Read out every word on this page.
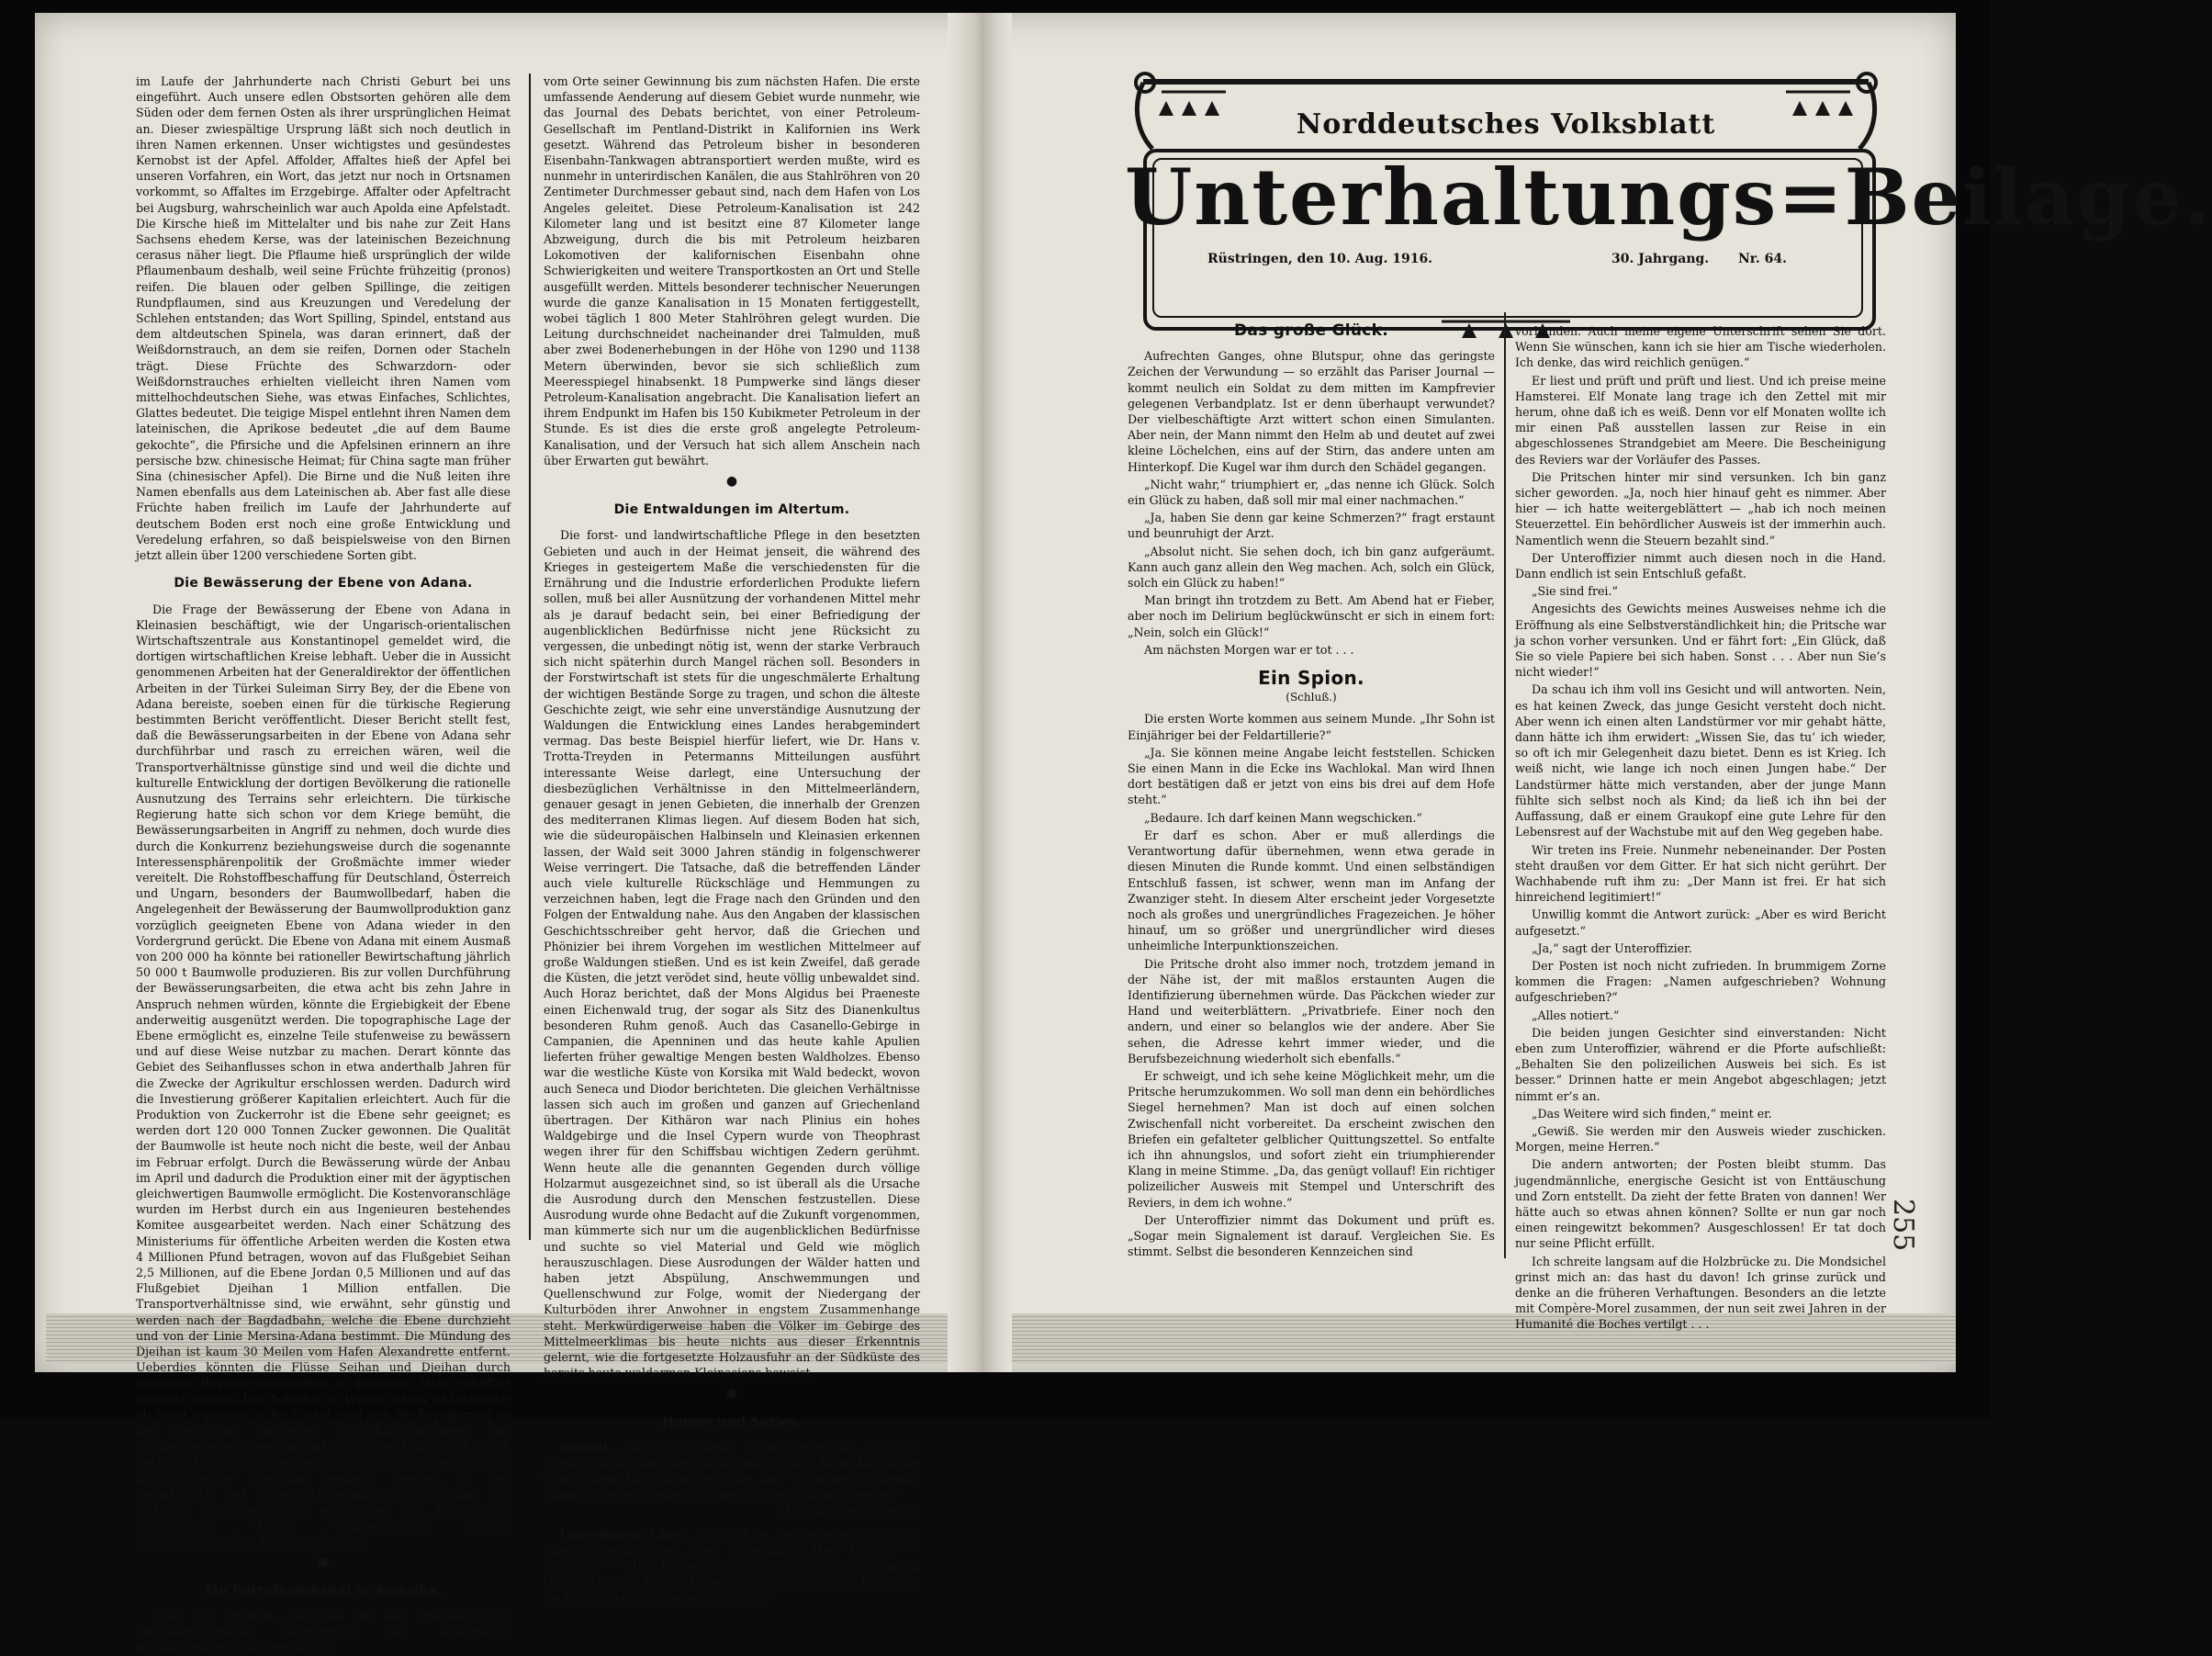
im Laufe der Jahrhunderte nach Christi Geburt bei uns eingeführt. Auch unsere edlen Obstsorten gehören alle dem Süden oder dem fernen Osten als ihrer ursprünglichen Heimat an. Dieser zwiespältige Ursprung läßt sich noch deutlich in ihren Namen erkennen. Unser wichtigstes und gesündestes Kernobst ist der Apfel. Affolder, Affaltes hieß der Apfel bei unseren Vorfahren, ein Wort, das jetzt nur noch in Ortsnamen vorkommt, so Affaltes im Erzgebirge. Affalter oder Apfeltracht bei Augsburg, wahrscheinlich war auch Apolda eine Apfelstadt. Die Kirsche hieß im Mittelalter und bis nahe zur Zeit Hans Sachsens ehedem Kerse, was der lateinischen Bezeichnung cerasus näher liegt. Die Pflaume hieß ursprünglich der wilde Pflaumenbaum deshalb, weil seine Früchte frühzeitig (pronos) reifen. Die blauen oder gelben Spillinge, die zeitigen Rundpflaumen, sind aus Kreuzungen und Veredelung der Schlehen entstanden; das Wort Spilling, Spindel, entstand aus dem altdeutschen Spinela, was daran erinnert, daß der Weißdornstrauch, an dem sie reifen, Dornen oder Stacheln trägt. Diese Früchte des Schwarzdorn- oder Weißdornstrauches erhielten vielleicht ihren Namen vom mittelhochdeutschen Siehe, was etwas Einfaches, Schlichtes, Glattes bedeutet. Die teigige Mispel entlehnt ihren Namen dem lateinischen, die Aprikose bedeutet „die auf dem Baume gekochte“, die Pfirsiche und die Apfelsinen erinnern an ihre persische bzw. chinesische Heimat; für China sagte man früher Sina (chinesischer Apfel). Die Birne und die Nuß leiten ihre Namen ebenfalls aus dem Lateinischen ab. Aber fast alle diese Früchte haben freilich im Laufe der Jahrhunderte auf deutschem Boden erst noch eine große Entwicklung und Veredelung erfahren, so daß beispielsweise von den Birnen jetzt allein über 1200 verschiedene Sorten gibt.

Die Bewässerung der Ebene von Adana.

Die Frage der Bewässerung der Ebene von Adana in Kleinasien beschäftigt, wie der Ungarisch-orientalischen Wirtschaftszentrale aus Konstantinopel gemeldet wird, die dortigen wirtschaftlichen Kreise lebhaft. Ueber die in Aussicht genommenen Arbeiten hat der Generaldirektor der öffentlichen Arbeiten in der Türkei Suleiman Sirry Bey, der die Ebene von Adana bereiste, soeben einen für die türkische Regierung bestimmten Bericht veröffentlicht. Dieser Bericht stellt fest, daß die Bewässerungsarbeiten in der Ebene von Adana sehr durchführbar und rasch zu erreichen wären, weil die Transportverhältnisse günstige sind und weil die dichte und kulturelle Entwicklung der dortigen Bevölkerung die rationelle Ausnutzung des Terrains sehr erleichtern. Die türkische Regierung hatte sich schon vor dem Kriege bemüht, die Bewässerungsarbeiten in Angriff zu nehmen, doch wurde dies durch die Konkurrenz beziehungsweise durch die sogenannte Interessensphärenpolitik der Großmächte immer wieder vereitelt. Die Rohstoffbeschaffung für Deutschland, Österreich und Ungarn, besonders der Baumwollbedarf, haben die Angelegenheit der Bewässerung der Baumwollproduktion ganz vorzüglich geeigneten Ebene von Adana wieder in den Vordergrund gerückt. Die Ebene von Adana mit einem Ausmaß von 200 000 ha könnte bei rationeller Bewirtschaftung jährlich 50 000 t Baumwolle produzieren. Bis zur vollen Durchführung der Bewässerungsarbeiten, die etwa acht bis zehn Jahre in Anspruch nehmen würden, könnte die Ergiebigkeit der Ebene anderweitig ausgenützt werden. Die topographische Lage der Ebene ermöglicht es, einzelne Teile stufenweise zu bewässern und auf diese Weise nutzbar zu machen. Derart könnte das Gebiet des Seihanflusses schon in etwa anderthalb Jahren für die Zwecke der Agrikultur erschlossen werden. Dadurch wird die Investierung größerer Kapitalien erleichtert. Auch für die Produktion von Zuckerrohr ist die Ebene sehr geeignet; es werden dort 120 000 Tonnen Zucker gewonnen. Die Qualität der Baumwolle ist heute noch nicht die beste, weil der Anbau im Februar erfolgt. Durch die Bewässerung würde der Anbau im April und dadurch die Produktion einer mit der ägyptischen gleichwertigen Baumwolle ermöglicht. Die Kostenvoranschläge wurden im Herbst durch ein aus Ingenieuren bestehendes Komitee ausgearbeitet werden. Nach einer Schätzung des Ministeriums für öffentliche Arbeiten werden die Kosten etwa 4 Millionen Pfund betragen, wovon auf das Flußgebiet Seihan 2,5 Millionen, auf die Ebene Jordan 0,5 Millionen und auf das Flußgebiet Djeihan 1 Million entfallen. Die Transportverhältnisse sind, wie erwähnt, sehr günstig und werden nach der Bagdadbahn, welche die Ebene durchzieht und von der Linie Mersina-Adana bestimmt. Die Mündung des Djeihan ist kaum 30 Meilen vom Hafen Alexandrette entfernt. Ueberdies könnten die Flüsse Seihan und Djeihan durch geeignete Regulierungsarbeiten in größerem Maße schiffbar gemacht werden. Der Ackerbau in Wilajet Adana ist blühender als sonst irgendwo in der Türkei, weil sich die Bevölkerung an die Benutzung moderner Wirtschaftsmaschinen und Werkzeuge bereits gewöhnt hat. Die Wasserkräfte sind jedoch noch nicht genügend ausgenutzt und könnten für verschiedene Industriezwecke dienstbar gemacht werden, so der Tschakitbach und andere Abzweigungen des Seihan. Die türkische Regierung siedelt seit einiger Zeit die aus der europäischen Türkei eingewanderten besten mohammedanischen Elemente hier an.

●
Ein Petroleumkanal in Amerika.

Eine der größten Ausgaben in der amerikanischen Petroleumindustrie beansprucht die kostspielige Bahnbeförderung des Petroleums

vom Orte seiner Gewinnung bis zum nächsten Hafen. Die erste umfassende Aenderung auf diesem Gebiet wurde nunmehr, wie das Journal des Debats berichtet, von einer Petroleum-Gesellschaft im Pentland-Distrikt in Kalifornien ins Werk gesetzt. Während das Petroleum bisher in besonderen Eisenbahn-Tankwagen abtransportiert werden mußte, wird es nunmehr in unterirdischen Kanälen, die aus Stahlröhren von 20 Zentimeter Durchmesser gebaut sind, nach dem Hafen von Los Angeles geleitet. Diese Petroleum-Kanalisation ist 242 Kilometer lang und ist besitzt eine 87 Kilometer lange Abzweigung, durch die bis mit Petroleum heizbaren Lokomotiven der kalifornischen Eisenbahn ohne Schwierigkeiten und weitere Transportkosten an Ort und Stelle ausgefüllt werden. Mittels besonderer technischer Neuerungen wurde die ganze Kanalisation in 15 Monaten fertiggestellt, wobei täglich 1 800 Meter Stahlröhren gelegt wurden. Die Leitung durchschneidet nacheinander drei Talmulden, muß aber zwei Bodenerhebungen in der Höhe von 1290 und 1138 Metern überwinden, bevor sie sich schließlich zum Meeresspiegel hinabsenkt. 18 Pumpwerke sind längs dieser Petroleum-Kanalisation angebracht. Die Kanalisation liefert an ihrem Endpunkt im Hafen bis 150 Kubikmeter Petroleum in der Stunde. Es ist dies die erste groß angelegte Petroleum-Kanalisation, und der Versuch hat sich allem Anschein nach über Erwarten gut bewährt.

●
Die Entwaldungen im Altertum.

Die forst- und landwirtschaftliche Pflege in den besetzten Gebieten und auch in der Heimat jenseit, die während des Krieges in gesteigertem Maße die verschiedensten für die Ernährung und die Industrie erforderlichen Produkte liefern sollen, muß bei aller Ausnützung der vorhandenen Mittel mehr als je darauf bedacht sein, bei einer Befriedigung der augenblicklichen Bedürfnisse nicht jene Rücksicht zu vergessen, die unbedingt nötig ist, wenn der starke Verbrauch sich nicht späterhin durch Mangel rächen soll. Besonders in der Forstwirtschaft ist stets für die ungeschmälerte Erhaltung der wichtigen Bestände Sorge zu tragen, und schon die älteste Geschichte zeigt, wie sehr eine unverständige Ausnutzung der Waldungen die Entwicklung eines Landes herabgemindert vermag. Das beste Beispiel hierfür liefert, wie Dr. Hans v. Trotta-Treyden in Petermanns Mitteilungen ausführt interessante Weise darlegt, eine Untersuchung der diesbezüglichen Verhältnisse in den Mittelmeerländern, genauer gesagt in jenen Gebieten, die innerhalb der Grenzen des mediterranen Klimas liegen. Auf diesem Boden hat sich, wie die südeuropäischen Halbinseln und Kleinasien erkennen lassen, der Wald seit 3000 Jahren ständig in folgenschwerer Weise verringert. Die Tatsache, daß die betreffenden Länder auch viele kulturelle Rückschläge und Hemmungen zu verzeichnen haben, legt die Frage nach den Gründen und den Folgen der Entwaldung nahe. Aus den Angaben der klassischen Geschichtsschreiber geht hervor, daß die Griechen und Phönizier bei ihrem Vorgehen im westlichen Mittelmeer auf große Waldungen stießen. Und es ist kein Zweifel, daß gerade die Küsten, die jetzt verödet sind, heute völlig unbewaldet sind. Auch Horaz berichtet, daß der Mons Algidus bei Praeneste einen Eichenwald trug, der sogar als Sitz des Dianenkultus besonderen Ruhm genoß. Auch das Casanello-Gebirge in Campanien, die Apenninen und das heute kahle Apulien lieferten früher gewaltige Mengen besten Waldholzes. Ebenso war die westliche Küste von Korsika mit Wald bedeckt, wovon auch Seneca und Diodor berichteten. Die gleichen Verhältnisse lassen sich auch im großen und ganzen auf Griechenland übertragen. Der Kithäron war nach Plinius ein hohes Waldgebirge und die Insel Cypern wurde von Theophrast wegen ihrer für den Schiffsbau wichtigen Zedern gerühmt. Wenn heute alle die genannten Gegenden durch völlige Holzarmut ausgezeichnet sind, so ist überall als die Ursache die Ausrodung durch den Menschen festzustellen. Diese Ausrodung wurde ohne Bedacht auf die Zukunft vorgenommen, man kümmerte sich nur um die augenblicklichen Bedürfnisse und suchte so viel Material und Geld wie möglich herauszuschlagen. Diese Ausrodungen der Wälder hatten und haben jetzt Abspülung, Anschwemmungen und Quellenschwund zur Folge, womit der Niedergang der Kulturböden ihrer Anwohner in engstem Zusammenhange steht. Merkwürdigerweise haben die Völker im Gebirge des Mittelmeerklimas bis heute nichts aus dieser Erkenntnis gelernt, wie die fortgesetzte Holzausfuhr an der Südküste des bereits heute waldarmen Kleinasiens beweist.

●
Humor und Satire.

Gemütl. „Wenn ich meinen Mann ärgern will, rede ich immer von vergangenen Zeiten, wie er noch beim Augustiner täglich seine Kalbshaxen gegessen hat.“ — „Wenn ich meinen Mann ärgern will, rede ich immer von den Zukunftssteuern!“

(Meggendorfer Blätter.)

Unverfroren. Chef: „Sie sind im Besitze einer Fettkarte, einer Butterkarte und einer Fleischkarte, Herr Müller?“ — „Freilich!“ — „Hm, hm, wollen Sie mir die nicht zur Verfügung stellen, bei dem kleinen Gehalt, das ich Ihnen zahle, haben Sie doch gewiß keine Verwendung dafür?“

Norddeutsches Volksblatt
Unterhaltungs=Beilage.
Rüstringen, den 10. Aug. 1916.	30. Jahrgang. Nr. 64.
Das große Glück.

Aufrechten Ganges, ohne Blutspur, ohne das geringste Zeichen der Verwundung — so erzählt das Pariser Journal — kommt neulich ein Soldat zu dem mitten im Kampfrevier gelegenen Verbandplatz. Ist er denn überhaupt verwundet? Der vielbeschäftigte Arzt wittert schon einen Simulanten. Aber nein, der Mann nimmt den Helm ab und deutet auf zwei kleine Löchelchen, eins auf der Stirn, das andere unten am Hinterkopf. Die Kugel war ihm durch den Schädel gegangen.

„Nicht wahr,“ triumphiert er, „das nenne ich Glück. Solch ein Glück zu haben, daß soll mir mal einer nachmachen.“

„Ja, haben Sie denn gar keine Schmerzen?“ fragt erstaunt und beunruhigt der Arzt.

„Absolut nicht. Sie sehen doch, ich bin ganz aufgeräumt. Kann auch ganz allein den Weg machen. Ach, solch ein Glück, solch ein Glück zu haben!“

Man bringt ihn trotzdem zu Bett. Am Abend hat er Fieber, aber noch im Delirium beglückwünscht er sich in einem fort: „Nein, solch ein Glück!“

Am nächsten Morgen war er tot . . .

Ein Spion.
(Schluß.)

Die ersten Worte kommen aus seinem Munde. „Ihr Sohn ist Einjähriger bei der Feldartillerie?“

„Ja. Sie können meine Angabe leicht feststellen. Schicken Sie einen Mann in die Ecke ins Wachlokal. Man wird Ihnen dort bestätigen daß er jetzt von eins bis drei auf dem Hofe steht.“

„Bedaure. Ich darf keinen Mann wegschicken.“

Er darf es schon. Aber er muß allerdings die Verantwortung dafür übernehmen, wenn etwa gerade in diesen Minuten die Runde kommt. Und einen selbständigen Entschluß fassen, ist schwer, wenn man im Anfang der Zwanziger steht. In diesem Alter erscheint jeder Vorgesetzte noch als großes und unergründliches Fragezeichen. Je höher hinauf, um so größer und unergründlicher wird dieses unheimliche Interpunktionszeichen.

Die Pritsche droht also immer noch, trotzdem jemand in der Nähe ist, der mit maßlos erstaunten Augen die Identifizierung übernehmen würde. Das Päckchen wieder zur Hand und weiterblättern. „Privatbriefe. Einer noch den andern, und einer so belanglos wie der andere. Aber Sie sehen, die Adresse kehrt immer wieder, und die Berufsbezeichnung wiederholt sich ebenfalls.“

Er schweigt, und ich sehe keine Möglichkeit mehr, um die Pritsche herumzukommen. Wo soll man denn ein behördliches Siegel hernehmen? Man ist doch auf einen solchen Zwischenfall nicht vorbereitet. Da erscheint zwischen den Briefen ein gefalteter gelblicher Quittungszettel. So entfalte ich ihn ahnungslos, und sofort zieht ein triumphierender Klang in meine Stimme. „Da, das genügt vollauf! Ein richtiger polizeilicher Ausweis mit Stempel und Unterschrift des Reviers, in dem ich wohne.“

Der Unteroffizier nimmt das Dokument und prüft es. „Sogar mein Signalement ist darauf. Vergleichen Sie. Es stimmt. Selbst die besonderen Kennzeichen sind

vorhanden. Auch meine eigene Unterschrift sehen Sie dort. Wenn Sie wünschen, kann ich sie hier am Tische wiederholen. Ich denke, das wird reichlich genügen.“

Er liest und prüft und prüft und liest. Und ich preise meine Hamsterei. Elf Monate lang trage ich den Zettel mit mir herum, ohne daß ich es weiß. Denn vor elf Monaten wollte ich mir einen Paß ausstellen lassen zur Reise in ein abgeschlossenes Strandgebiet am Meere. Die Bescheinigung des Reviers war der Vorläufer des Passes.

Die Pritschen hinter mir sind versunken. Ich bin ganz sicher geworden. „Ja, noch hier hinauf geht es nimmer. Aber hier — ich hatte weitergeblättert — „hab ich noch meinen Steuerzettel. Ein behördlicher Ausweis ist der immerhin auch. Namentlich wenn die Steuern bezahlt sind.“

Der Unteroffizier nimmt auch diesen noch in die Hand. Dann endlich ist sein Entschluß gefaßt.

„Sie sind frei.“

Angesichts des Gewichts meines Ausweises nehme ich die Eröffnung als eine Selbstverständlichkeit hin; die Pritsche war ja schon vorher versunken. Und er fährt fort: „Ein Glück, daß Sie so viele Papiere bei sich haben. Sonst . . . Aber nun Sie’s nicht wieder!“

Da schau ich ihm voll ins Gesicht und will antworten. Nein, es hat keinen Zweck, das junge Gesicht versteht doch nicht. Aber wenn ich einen alten Landstürmer vor mir gehabt hätte, dann hätte ich ihm erwidert: „Wissen Sie, das tu’ ich wieder, so oft ich mir Gelegenheit dazu bietet. Denn es ist Krieg. Ich weiß nicht, wie lange ich noch einen Jungen habe.“ Der Landstürmer hätte mich verstanden, aber der junge Mann fühlte sich selbst noch als Kind; da ließ ich ihn bei der Auffassung, daß er einem Graukopf eine gute Lehre für den Lebensrest auf der Wachstube mit auf den Weg gegeben habe.

Wir treten ins Freie. Nunmehr nebeneinander. Der Posten steht draußen vor dem Gitter. Er hat sich nicht gerührt. Der Wachhabende ruft ihm zu: „Der Mann ist frei. Er hat sich hinreichend legitimiert!“

Unwillig kommt die Antwort zurück: „Aber es wird Bericht aufgesetzt.“

„Ja,“ sagt der Unteroffizier.

Der Posten ist noch nicht zufrieden. In brummigem Zorne kommen die Fragen: „Namen aufgeschrieben? Wohnung aufgeschrieben?“

„Alles notiert.“

Die beiden jungen Gesichter sind einverstanden: Nicht eben zum Unteroffizier, während er die Pforte aufschließt: „Behalten Sie den polizeilichen Ausweis bei sich. Es ist besser.“ Drinnen hatte er mein Angebot abgeschlagen; jetzt nimmt er’s an.

„Das Weitere wird sich finden,“ meint er.

„Gewiß. Sie werden mir den Ausweis wieder zuschicken. Morgen, meine Herren.“

Die andern antworten; der Posten bleibt stumm. Das jugendmännliche, energische Gesicht ist von Enttäuschung und Zorn entstellt. Da zieht der fette Braten von dannen! Wer hätte auch so etwas ahnen können? Sollte er nun gar noch einen reingewitzt bekommen? Ausgeschlossen! Er tat doch nur seine Pflicht erfüllt.

Ich schreite langsam auf die Holzbrücke zu. Die Mondsichel grinst mich an: das hast du davon! Ich grinse zurück und denke an die früheren Verhaftungen. Besonders an die letzte mit Compère-Morel zusammen, der nun seit zwei Jahren in der Humanité die Boches vertilgt . . .

255
